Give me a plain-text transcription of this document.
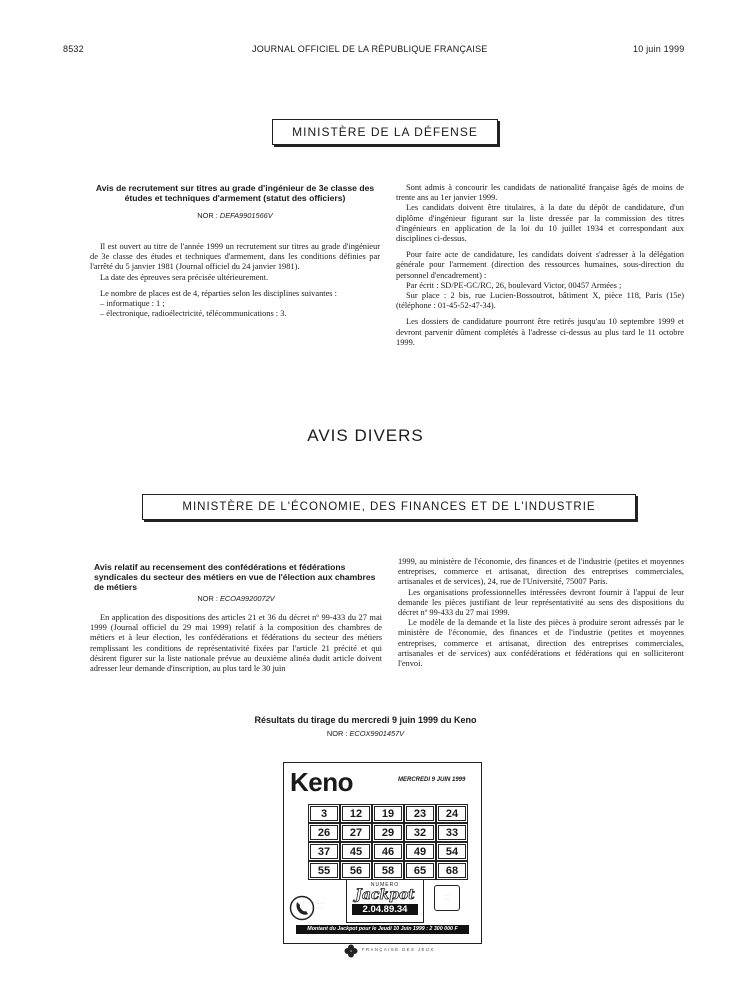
8532	JOURNAL OFFICIEL DE LA RÉPUBLIQUE FRANÇAISE	10 juin 1999
MINISTÈRE DE LA DÉFENSE
Avis de recrutement sur titres au grade d'ingénieur de 3e classe des études et techniques d'armement (statut des officiers)
NOR : DEFA9901566V

Il est ouvert au titre de l'année 1999 un recrutement sur titres au grade d'ingénieur de 3e classe des études et techniques d'armement, dans les conditions définies par l'arrêté du 5 janvier 1981 (Journal officiel du 24 janvier 1981).

La date des épreuves sera précisée ultérieurement.

Le nombre de places est de 4, réparties selon les disciplines suivantes :

– informatique : 1 ;

– électronique, radioélectricité, télécommunications : 3.

Sont admis à concourir les candidats de nationalité française âgés de moins de trente ans au 1er janvier 1999.

Les candidats doivent être titulaires, à la date du dépôt de candidature, d'un diplôme d'ingénieur figurant sur la liste dressée par la commission des titres d'ingénieurs en application de la loi du 10 juillet 1934 et correspondant aux disciplines ci-dessus.

Pour faire acte de candidature, les candidats doivent s'adresser à la délégation générale pour l'armement (direction des ressources humaines, sous-direction du personnel d'encadrement) :

Par écrit : SD/PE-GC/RC, 26, boulevard Victor, 00457 Armées ;

Sur place : 2 bis, rue Lucien-Bossoutrot, bâtiment X, pièce 118, Paris (15e) (téléphone : 01-45-52-47-34).

Les dossiers de candidature pourront être retirés jusqu'au 10 septembre 1999 et devront parvenir dûment complétés à l'adresse ci-dessus au plus tard le 11 octobre 1999.

AVIS DIVERS
MINISTÈRE DE L'ÉCONOMIE, DES FINANCES ET DE L'INDUSTRIE
Avis relatif au recensement des confédérations et fédérations syndicales du secteur des métiers en vue de l'élection aux chambres de métiers
NOR : ECOA9920072V

En application des dispositions des articles 21 et 36 du décret nº 99-433 du 27 mai 1999 (Journal officiel du 29 mai 1999) relatif à la composition des chambres de métiers et à leur élection, les confédérations et fédérations du secteur des métiers remplissant les conditions de représentativité fixées par l'article 21 précité et qui désirent figurer sur la liste nationale prévue au deuxième alinéa dudit article doivent adresser leur demande d'inscription, au plus tard le 30 juin

1999, au ministère de l'économie, des finances et de l'industrie (petites et moyennes entreprises, commerce et artisanat, direction des entreprises commerciales, artisanales et de services), 24, rue de l'Université, 75007 Paris.

Les organisations professionnelles intéressées devront fournir à l'appui de leur demande les pièces justifiant de leur représentativité au sens des dispositions du décret nº 99-433 du 27 mai 1999.

Le modèle de la demande et la liste des pièces à produire seront adressés par le ministère de l'économie, des finances et de l'industrie (petites et moyennes entreprises, commerce et artisanat, direction des entreprises commerciales, artisanales et de services) aux confédérations et fédérations qui en solliciteront l'envoi.

Résultats du tirage du mercredi 9 juin 1999 du Keno
NOR : ECOX9901457V
Keno	MERCREDI 9 JUIN 1999
3	12	19	23	24
26	27	29	32	33
37	45	46	49	54
55	56	58	65	68
· · ·
· ·
NUMERO
Jackpot
2.04.89.34
· · ·
· · ·
Montant du Jackpot pour le Jeudi 10 Juin 1999 : 2 300 000 F
FRANÇAISE DES JEUX
